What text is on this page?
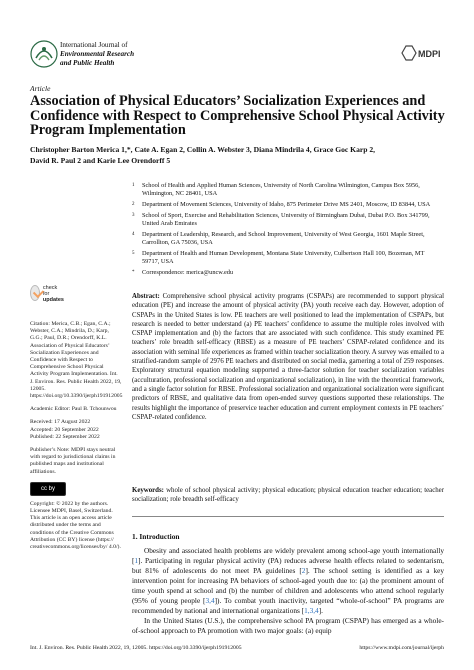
International Journal of
Environmental Research
and Public Health
MDPI
Article
Association of Physical Educators’ Socialization Experiences and Confidence with Respect to Comprehensive School Physical Activity Program Implementation
Christopher Barton Merica 1,*, Cate A. Egan 2, Collin A. Webster 3, Diana Mindrila 4, Grace Goc Karp 2,
David R. Paul 2 and Karie Lee Orendorff 5
1	School of Health and Applied Human Sciences, University of North Carolina Wilmington, Campus Box 5956, Wilmington, NC 28401, USA
2	Department of Movement Sciences, University of Idaho, 875 Perimeter Drive MS 2401, Moscow, ID 83844, USA
3	School of Sport, Exercise and Rehabilitation Sciences, University of Birmingham Dubai, Dubai P.O. Box 341799, United Arab Emirates
4	Department of Leadership, Research, and School Improvement, University of West Georgia, 1601 Maple Street, Carrollton, GA 75036, USA
5	Department of Health and Human Development, Montana State University, Culbertson Hall 100, Bozeman, MT 59717, USA
*	Correspondence: merica@uncw.edu
check for
updates
Citation: Merica, C.B.; Egan, C.A.; Webster, C.A.; Mindrila, D.; Karp, G.G.; Paul, D.R.; Orendorff, K.L. Association of Physical Educators’ Socialization Experiences and Confidence with Respect to Comprehensive School Physical Activity Program Implementation. Int. J. Environ. Res. Public Health 2022, 19, 12005. https://doi.org/10.3390/ijerph191912005
Academic Editor: Paul B. Tchounwou
Received: 17 August 2022
Accepted: 20 September 2022
Published: 22 September 2022
Publisher’s Note: MDPI stays neutral with regard to jurisdictional claims in published maps and institutional affiliations.
cc by
Copyright: © 2022 by the authors. Licensee MDPI, Basel, Switzerland. This article is an open access article distributed under the terms and conditions of the Creative Commons Attribution (CC BY) license (https:// creativecommons.org/licenses/by/ 4.0/).
Abstract: Comprehensive school physical activity programs (CSPAPs) are recommended to support physical education (PE) and increase the amount of physical activity (PA) youth receive each day. However, adoption of CSPAPs in the United States is low. PE teachers are well positioned to lead the implementation of CSPAPs, but research is needed to better understand (a) PE teachers’ confidence to assume the multiple roles involved with CSPAP implementation and (b) the factors that are associated with such confidence. This study examined PE teachers’ role breadth self-efficacy (RBSE) as a measure of PE teachers’ CSPAP-related confidence and its association with seminal life experiences as framed within teacher socialization theory. A survey was emailed to a stratified-random sample of 2976 PE teachers and distributed on social media, garnering a total of 259 responses. Exploratory structural equation modeling supported a three-factor solution for teacher socialization variables (acculturation, professional socialization and organizational socialization), in line with the theoretical framework, and a single factor solution for RBSE. Professional socialization and organizational socialization were significant predictors of RBSE, and qualitative data from open-ended survey questions supported these relationships. The results highlight the importance of preservice teacher education and current employment contexts in PE teachers’ CSPAP-related confidence.
Keywords: whole of school physical activity; physical education; physical education teacher education; teacher socialization; role breadth self-efficacy
1. Introduction

Obesity and associated health problems are widely prevalent among school-age youth internationally [1]. Participating in regular physical activity (PA) reduces adverse health effects related to sedentarism, but 81% of adolescents do not meet PA guidelines [2]. The school setting is identified as a key intervention point for increasing PA behaviors of school-aged youth due to: (a) the prominent amount of time youth spend at school and (b) the number of children and adolescents who attend school regularly (95% of young people [3,4]). To combat youth inactivity, targeted “whole-of-school” PA programs are recommended by national and international organizations [1,3,4].

In the United States (U.S.), the comprehensive school PA program (CSPAP) has emerged as a whole-of-school approach to PA promotion with two major goals: (a) equip

Int. J. Environ. Res. Public Health 2022, 19, 12005. https://doi.org/10.3390/ijerph191912005	https://www.mdpi.com/journal/ijerph
